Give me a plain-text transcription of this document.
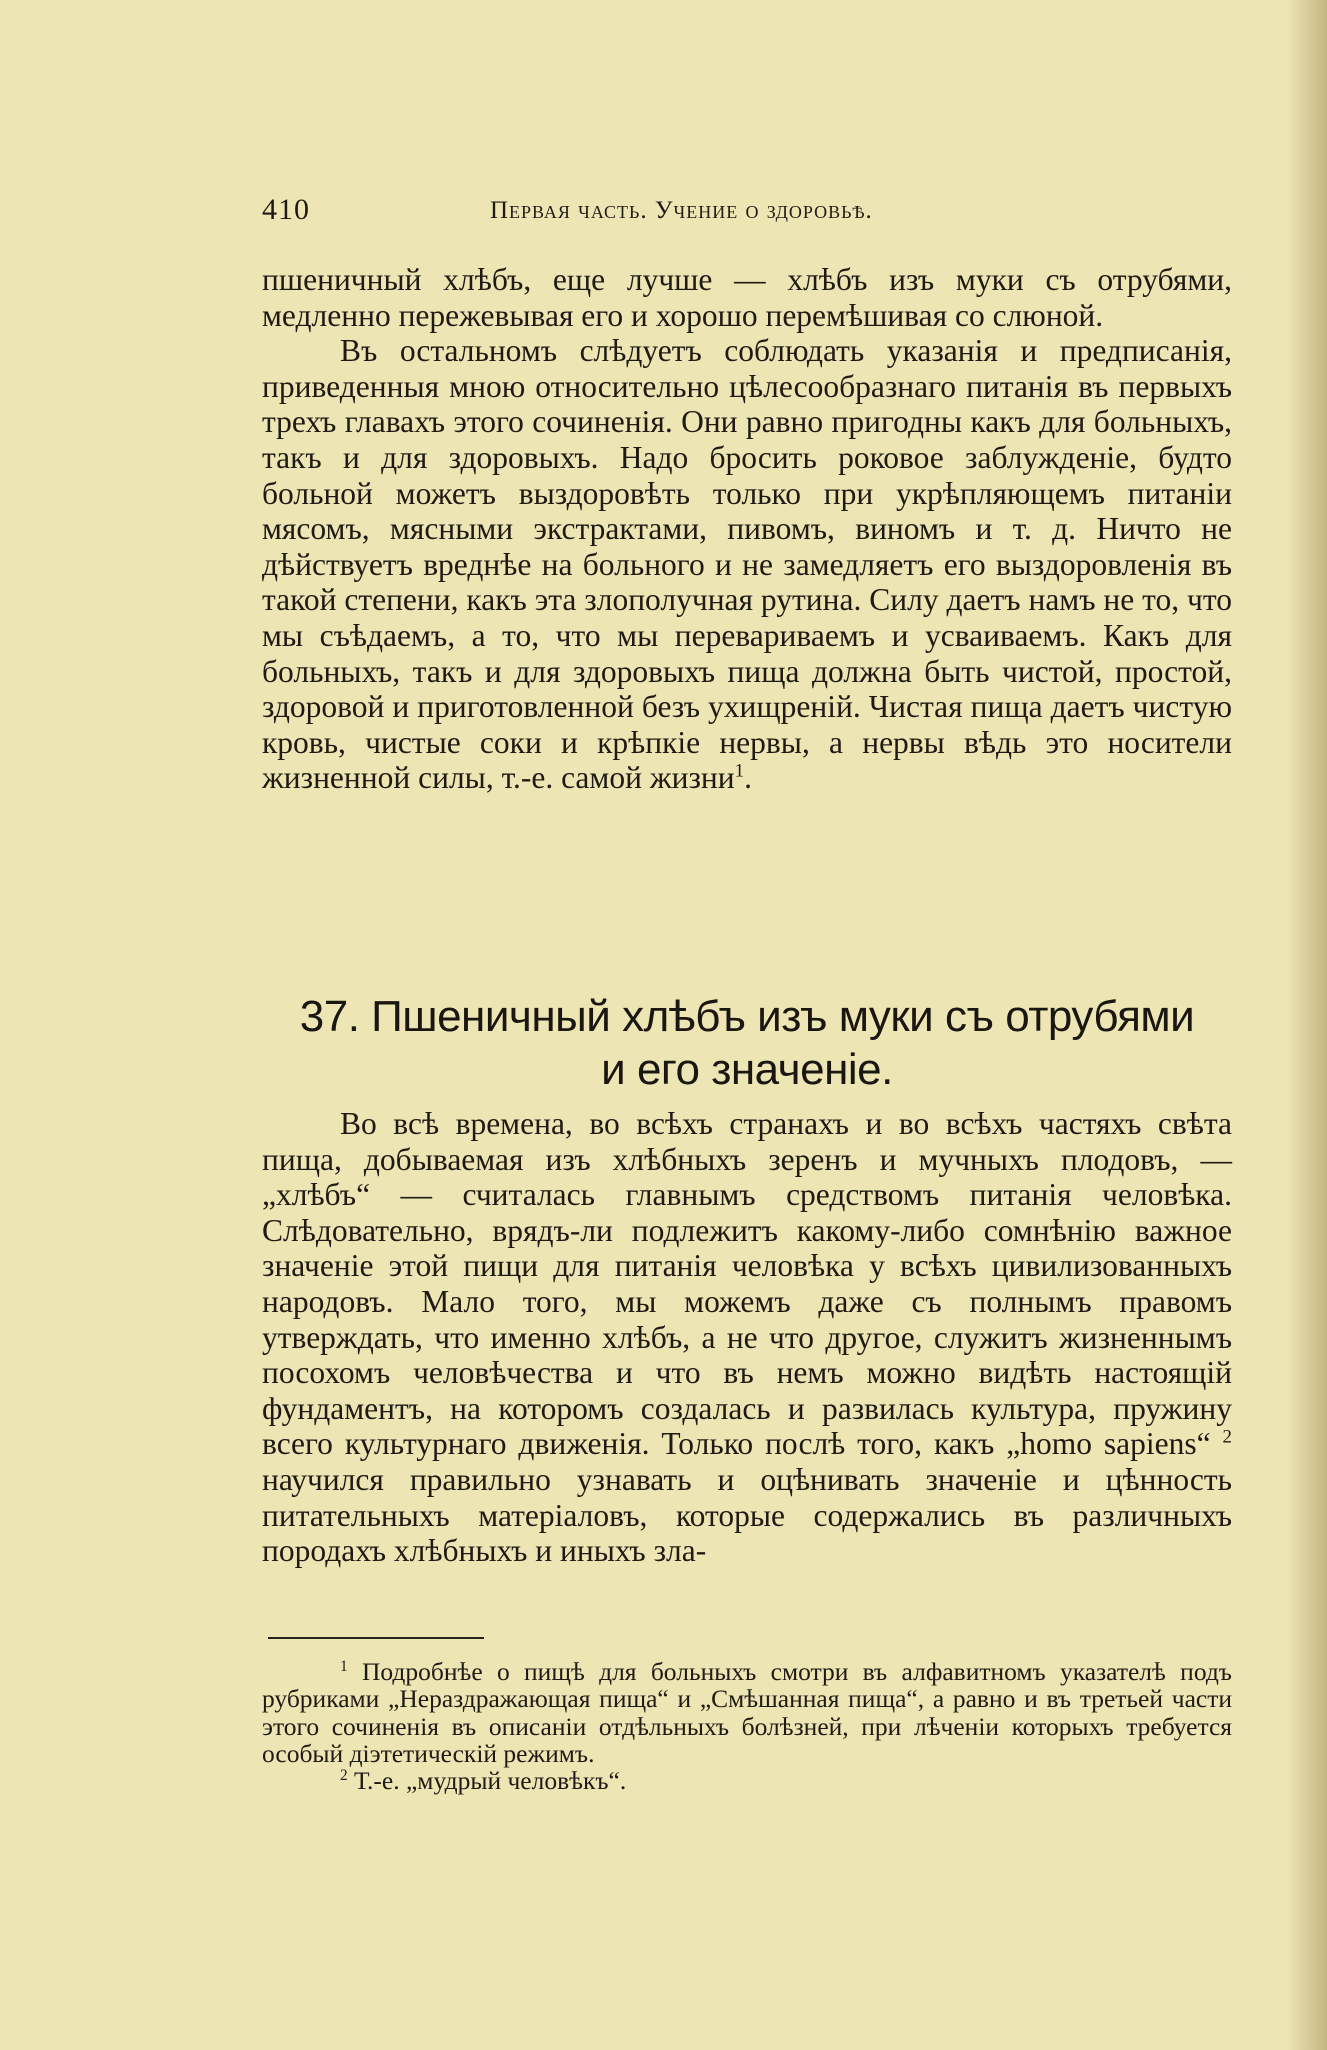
410	Первая часть. Учение о здоровьѣ.

пшеничный хлѣбъ, еще лучше — хлѣбъ изъ муки съ отрубями, медленно пережевывая его и хорошо перемѣшивая со слюной.

Въ остальномъ слѣдуетъ соблюдать указанія и предписанія, приведенныя мною относительно цѣлесообразнаго питанія въ первыхъ трехъ главахъ этого сочиненія. Они равно пригодны какъ для больныхъ, такъ и для здоровыхъ. Надо бросить роковое заблужденіе, будто больной можетъ выздоровѣть только при укрѣпляющемъ питаніи мясомъ, мясными экстрактами, пивомъ, виномъ и т. д. Ничто не дѣйствуетъ вреднѣе на больного и не замедляетъ его выздоровленія въ такой степени, какъ эта злополучная рутина. Силу даетъ намъ не то, что мы съѣдаемъ, а то, что мы перевариваемъ и усваиваемъ. Какъ для больныхъ, такъ и для здоровыхъ пища должна быть чистой, простой, здоровой и приготовленной безъ ухищреній. Чистая пища даетъ чистую кровь, чистые соки и крѣпкіе нервы, а нервы вѣдь это носители жизненной силы, т.-е. самой жизни$^1$.

37. Пшеничный хлѣбъ изъ муки съ отрубями
и его значеніе.

Во всѣ времена, во всѣхъ странахъ и во всѣхъ частяхъ свѣта пища, добываемая изъ хлѣбныхъ зеренъ и мучныхъ плодовъ, — „хлѣбъ“ — считалась главнымъ средствомъ питанія человѣка. Слѣдовательно, врядъ-ли подлежитъ какому-либо сомнѣнію важное значеніе этой пищи для питанія человѣка у всѣхъ цивилизованныхъ народовъ. Мало того, мы можемъ даже съ полнымъ правомъ утверждать, что именно хлѣбъ, а не что другое, служитъ жизненнымъ посохомъ человѣчества и что въ немъ можно видѣть настоящій фундаментъ, на которомъ создалась и развилась культура, пружину всего культурнаго движенія. Только послѣ того, какъ „homo sapiens“ $^2$ научился правильно узнавать и оцѣнивать значеніе и цѣнность питательныхъ матеріаловъ, которые содержались въ различныхъ породахъ хлѣбныхъ и иныхъ зла-

$^1$ Подробнѣе о пищѣ для больныхъ смотри въ алфавитномъ указателѣ подъ рубриками „Нераздражающая пища“ и „Смѣшанная пища“, а равно и въ третьей части этого сочиненія въ описаніи отдѣльныхъ болѣзней, при лѣченіи которыхъ требуется особый діэтетическій режимъ.

$^2$ Т.-е. „мудрый человѣкъ“.
